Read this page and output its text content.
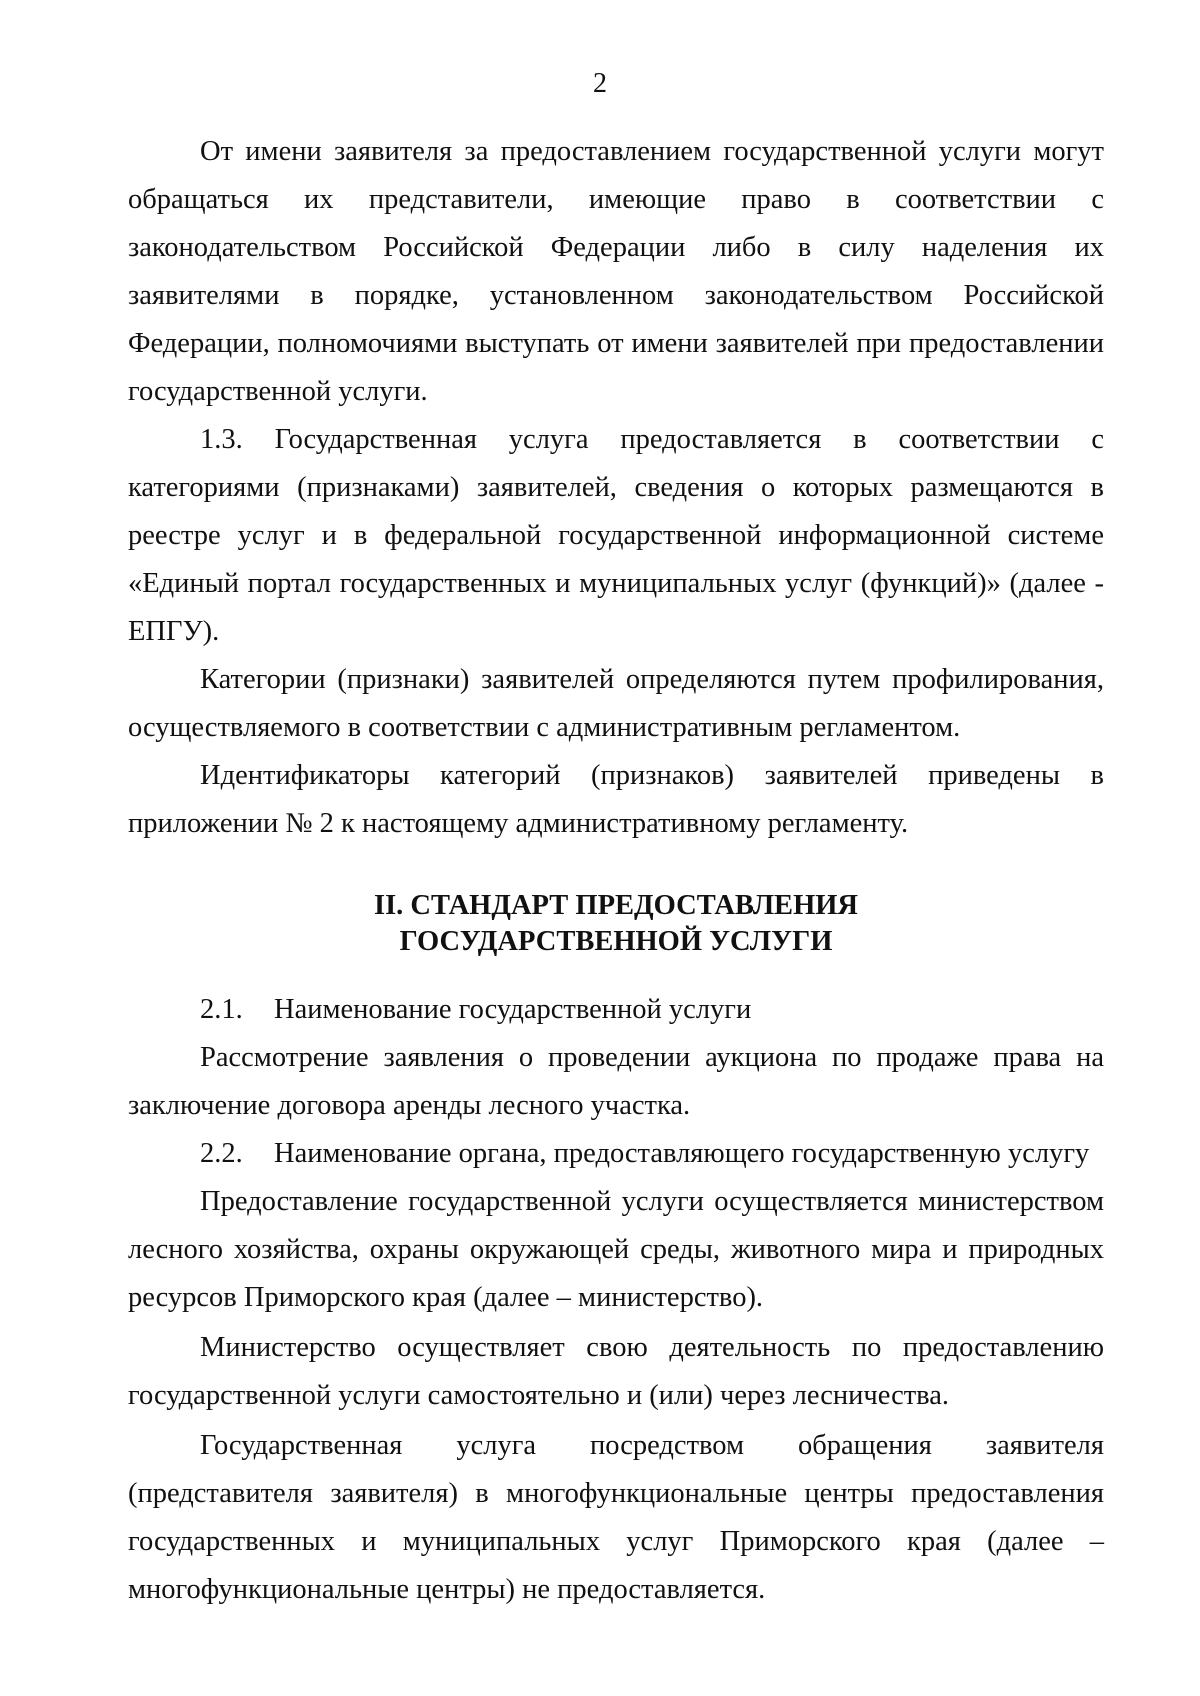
2

От имени заявителя за предоставлением государственной услуги могут обращаться их представители, имеющие право в соответствии с законодательством Российской Федерации либо в силу наделения их заявителями в порядке, установленном законодательством Российской Федерации, полномочиями выступать от имени заявителей при предоставлении государственной услуги.

1.3. Государственная услуга предоставляется в соответствии с категориями (признаками) заявителей, сведения о которых размещаются в реестре услуг и в федеральной государственной информационной системе «Единый портал государственных и муниципальных услуг (функций)» (далее - ЕПГУ).

Категории (признаки) заявителей определяются путем профилирования, осуществляемого в соответствии с административным регламентом.

Идентификаторы категорий (признаков) заявителей приведены в приложении № 2 к настоящему административному регламенту.

II. СТАНДАРТ ПРЕДОСТАВЛЕНИЯ
ГОСУДАРСТВЕННОЙ УСЛУГИ

2.1. Наименование государственной услуги

Рассмотрение заявления о проведении аукциона по продаже права на заключение договора аренды лесного участка.

2.2. Наименование органа, предоставляющего государственную услугу

Предоставление государственной услуги осуществляется министерством лесного хозяйства, охраны окружающей среды, животного мира и природных ресурсов Приморского края (далее – министерство).

Министерство осуществляет свою деятельность по предоставлению государственной услуги самостоятельно и (или) через лесничества.

Государственная услуга посредством обращения заявителя (представителя заявителя) в многофункциональные центры предоставления государственных и муниципальных услуг Приморского края (далее – многофункциональные центры) не предоставляется.
